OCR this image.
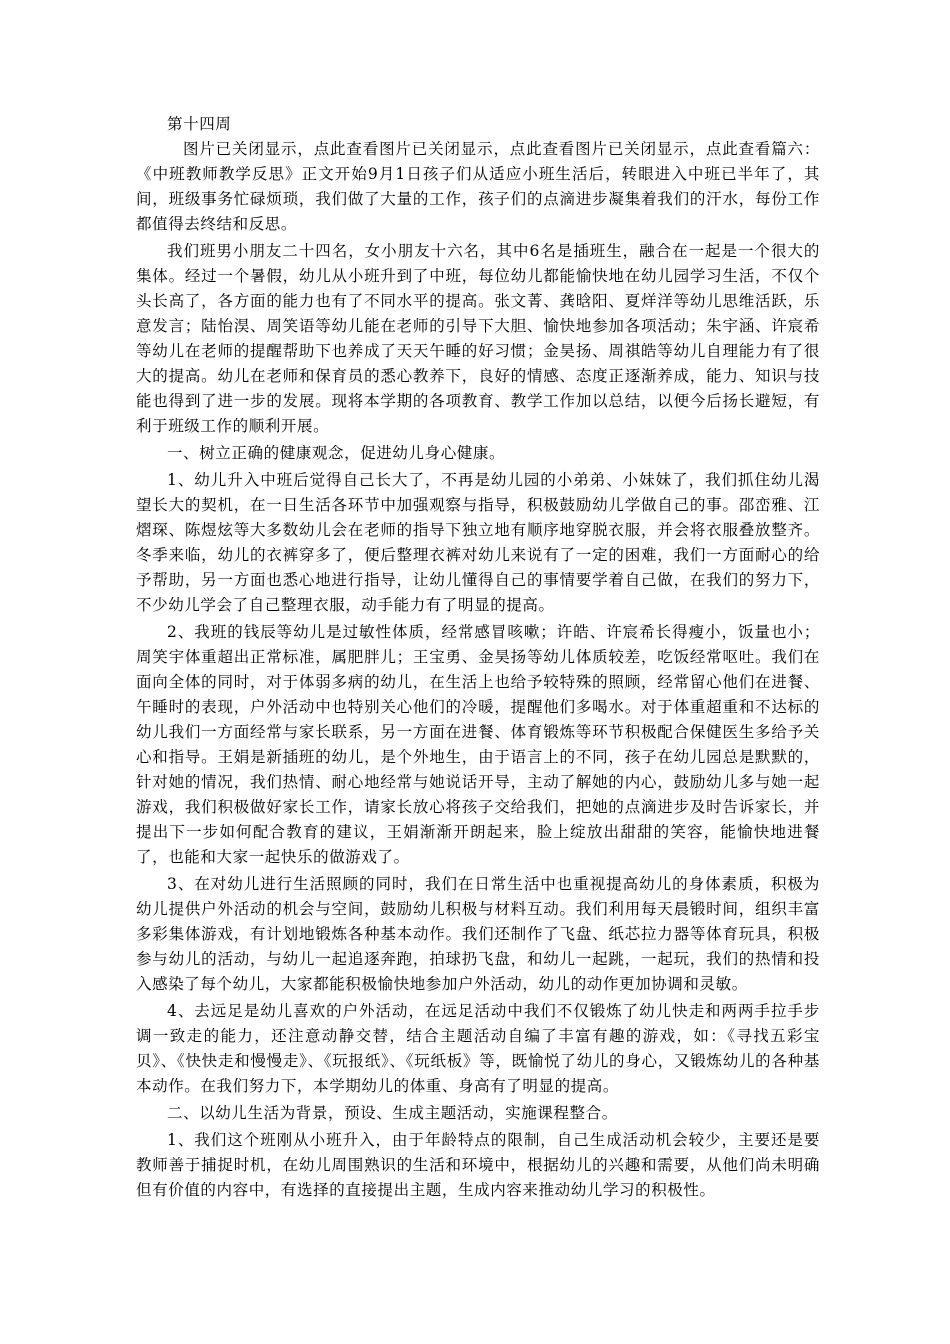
第十四周

图片已关闭显示，点此查看图片已关闭显示，点此查看图片已关闭显示，点此查看篇六：《中班教师教学反思》正文开始9月1日孩子们从适应小班生活后，转眼进入中班已半年了，其间，班级事务忙碌烦琐，我们做了大量的工作，孩子们的点滴进步凝集着我们的汗水，每份工作都值得去终结和反思。

我们班男小朋友二十四名，女小朋友十六名，其中6名是插班生，融合在一起是一个很大的集体。经过一个暑假，幼儿从小班升到了中班，每位幼儿都能愉快地在幼儿园学习生活，不仅个头长高了，各方面的能力也有了不同水平的提高。张文菁、龚晗阳、夏烊洋等幼儿思维活跃，乐意发言；陆怡淏、周笑语等幼儿能在老师的引导下大胆、愉快地参加各项活动；朱宇涵、许宸希等幼儿在老师的提醒帮助下也养成了天天午睡的好习惯；金昊扬、周祺皓等幼儿自理能力有了很大的提高。幼儿在老师和保育员的悉心教养下，良好的情感、态度正逐渐养成，能力、知识与技能也得到了进一步的发展。现将本学期的各项教育、教学工作加以总结，以便今后扬长避短，有利于班级工作的顺利开展。

一、树立正确的健康观念，促进幼儿身心健康。

1、幼儿升入中班后觉得自己长大了，不再是幼儿园的小弟弟、小妹妹了，我们抓住幼儿渴望长大的契机，在一日生活各环节中加强观察与指导，积极鼓励幼儿学做自己的事。邵峦雅、江熠琛、陈煜炫等大多数幼儿会在老师的指导下独立地有顺序地穿脱衣服，并会将衣服叠放整齐。冬季来临，幼儿的衣裤穿多了，便后整理衣裤对幼儿来说有了一定的困难，我们一方面耐心的给予帮助，另一方面也悉心地进行指导，让幼儿懂得自己的事情要学着自己做，在我们的努力下，不少幼儿学会了自己整理衣服，动手能力有了明显的提高。

2、我班的钱辰等幼儿是过敏性体质，经常感冒咳嗽；许皓、许宸希长得瘦小，饭量也小；周笑宇体重超出正常标准，属肥胖儿；王宝勇、金昊扬等幼儿体质较差，吃饭经常呕吐。我们在面向全体的同时，对于体弱多病的幼儿，在生活上也给予较特殊的照顾，经常留心他们在进餐、午睡时的表现，户外活动中也特别关心他们的冷暖，提醒他们多喝水。对于体重超重和不达标的幼儿我们一方面经常与家长联系，另一方面在进餐、体育锻炼等环节积极配合保健医生多给予关心和指导。王娟是新插班的幼儿，是个外地生，由于语言上的不同，孩子在幼儿园总是默默的，针对她的情况，我们热情、耐心地经常与她说话开导，主动了解她的内心，鼓励幼儿多与她一起游戏，我们积极做好家长工作，请家长放心将孩子交给我们，把她的点滴进步及时告诉家长，并提出下一步如何配合教育的建议，王娟渐渐开朗起来，脸上绽放出甜甜的笑容，能愉快地进餐了，也能和大家一起快乐的做游戏了。

3、在对幼儿进行生活照顾的同时，我们在日常生活中也重视提高幼儿的身体素质，积极为幼儿提供户外活动的机会与空间，鼓励幼儿积极与材料互动。我们利用每天晨锻时间，组织丰富多彩集体游戏，有计划地锻炼各种基本动作。我们还制作了飞盘、纸芯拉力器等体育玩具，积极参与幼儿的活动，与幼儿一起追逐奔跑，拍球扔飞盘，和幼儿一起跳，一起玩，我们的热情和投入感染了每个幼儿，大家都能积极愉快地参加户外活动，幼儿的动作更加协调和灵敏。

4、去远足是幼儿喜欢的户外活动，在远足活动中我们不仅锻炼了幼儿快走和两两手拉手步调一致走的能力，还注意动静交替，结合主题活动自编了丰富有趣的游戏，如：《寻找五彩宝贝》、《快快走和慢慢走》、《玩报纸》、《玩纸板》等，既愉悦了幼儿的身心，又锻炼幼儿的各种基本动作。在我们努力下，本学期幼儿的体重、身高有了明显的提高。

二、以幼儿生活为背景，预设、生成主题活动，实施课程整合。

1、我们这个班刚从小班升入，由于年龄特点的限制，自己生成活动机会较少，主要还是要教师善于捕捉时机，在幼儿周围熟识的生活和环境中，根据幼儿的兴趣和需要，从他们尚未明确但有价值的内容中，有选择的直接提出主题，生成内容来推动幼儿学习的积极性。
